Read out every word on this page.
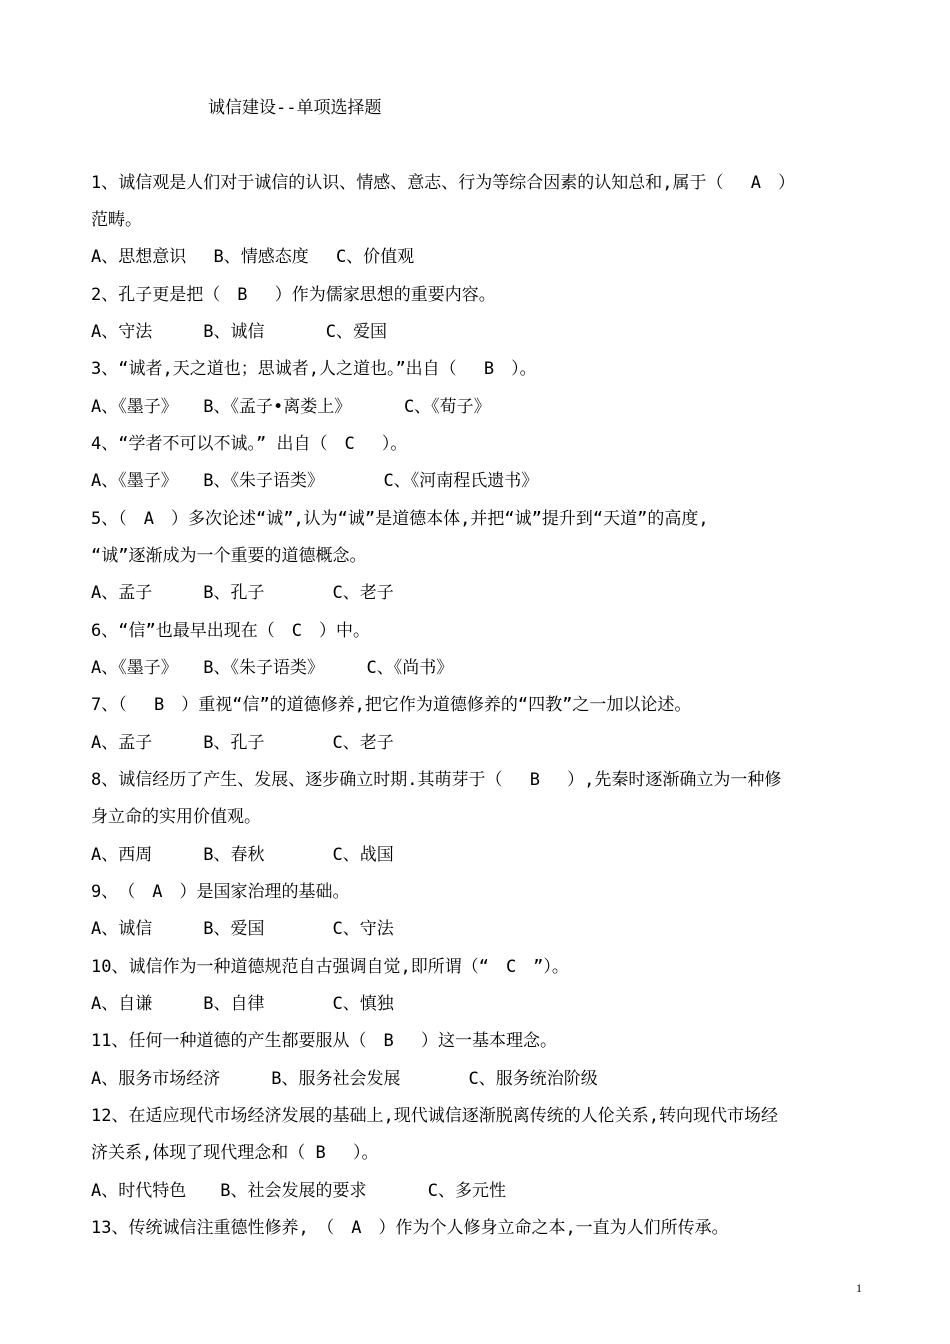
诚信建设--单项选择题
1、诚信观是人们对于诚信的认识、情感、意志、行为等综合因素的认知总和,属于（　 A　）
范畴。
A、思想意识　 B、情感态度　 C、价值观
2、孔子更是把（　B　 ）作为儒家思想的重要内容。
A、守法　　　B、诚信　　　 C、爱国
3、“诚者,天之道也；思诚者,人之道也。”出自（　 B　）。
A、《墨子》　　B、《孟子•离娄上》　　　 C、《荀子》
4、“学者不可以不诚。” 出自（　C　 ）。
A、《墨子》　　B、《朱子语类》　　　　C、《河南程氏遗书》
5、（　A　）多次论述“诚”,认为“诚”是道德本体,并把“诚”提升到“天道”的高度,
“诚”逐渐成为一个重要的道德概念。
A、孟子　　　B、孔子　　　　C、老子
6、“信”也最早出现在（　C　）中。
A、《墨子》　　B、《朱子语类》　　　C、《尚书》
7、（　 B　）重视“信”的道德修养,把它作为道德修养的“四教”之一加以论述。
A、孟子　　　B、孔子　　　　C、老子
8、诚信经历了产生、发展、逐步确立时期.其萌芽于（　 B　 ）,先秦时逐渐确立为一种修
身立命的实用价值观。
A、西周　　　B、春秋　　　　C、战国
9、　（　A　）是国家治理的基础。
A、诚信　　　B、爱国　　　　C、守法
10、诚信作为一种道德规范自古强调自觉,即所谓（“　C　”）。
A、自谦　　　B、自律　　　　C、慎独
11、任何一种道德的产生都要服从（　B　 ）这一基本理念。
A、服务市场经济　　　B、服务社会发展　　　　C、服务统治阶级
12、在适应现代市场经济发展的基础上,现代诚信逐渐脱离传统的人伦关系,转向现代市场经
济关系,体现了现代理念和（ B　 ）。
A、时代特色　　B、社会发展的要求　　　 C、多元性
13、传统诚信注重德性修养,　（　A　）作为个人修身立命之本,一直为人们所传承。
1
